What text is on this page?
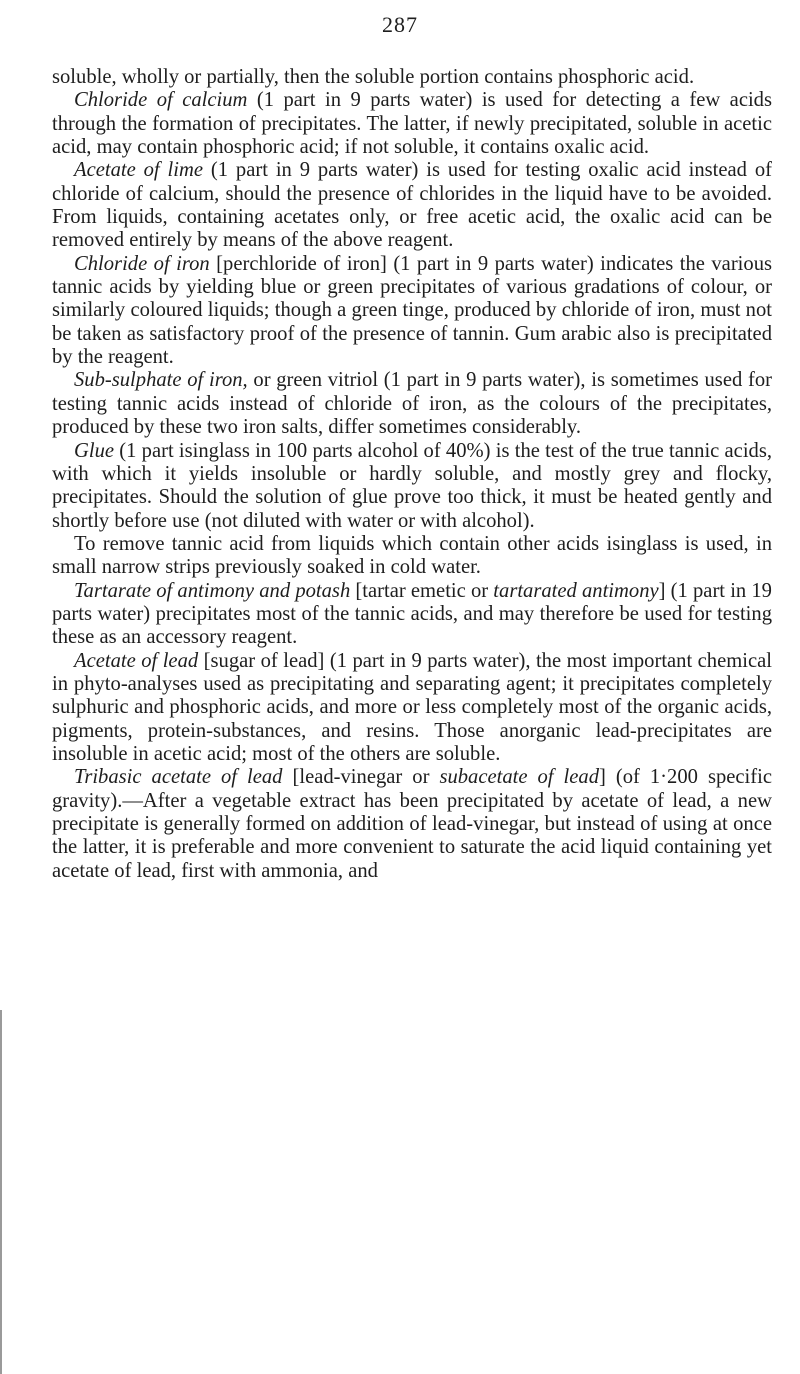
287

soluble, wholly or partially, then the soluble portion contains phosphoric acid.

Chloride of calcium (1 part in 9 parts water) is used for detecting a few acids through the formation of precipitates. The latter, if newly precipitated, soluble in acetic acid, may contain phosphoric acid; if not soluble, it contains oxalic acid.

Acetate of lime (1 part in 9 parts water) is used for testing oxalic acid instead of chloride of calcium, should the presence of chlorides in the liquid have to be avoided. From liquids, containing acetates only, or free acetic acid, the oxalic acid can be removed entirely by means of the above reagent.

Chloride of iron [perchloride of iron] (1 part in 9 parts water) indicates the various tannic acids by yielding blue or green precipitates of various gradations of colour, or similarly coloured liquids; though a green tinge, produced by chloride of iron, must not be taken as satisfactory proof of the presence of tannin. Gum arabic also is precipitated by the reagent.

Sub-sulphate of iron, or green vitriol (1 part in 9 parts water), is sometimes used for testing tannic acids instead of chloride of iron, as the colours of the precipitates, produced by these two iron salts, differ sometimes considerably.

Glue (1 part isinglass in 100 parts alcohol of 40%) is the test of the true tannic acids, with which it yields insoluble or hardly soluble, and mostly grey and flocky, precipitates. Should the solution of glue prove too thick, it must be heated gently and shortly before use (not diluted with water or with alcohol).

To remove tannic acid from liquids which contain other acids isinglass is used, in small narrow strips previously soaked in cold water.

Tartarate of antimony and potash [tartar emetic or tartarated antimony] (1 part in 19 parts water) precipitates most of the tannic acids, and may therefore be used for testing these as an accessory reagent.

Acetate of lead [sugar of lead] (1 part in 9 parts water), the most important chemical in phyto-analyses used as precipitating and separating agent; it precipitates completely sulphuric and phosphoric acids, and more or less completely most of the organic acids, pigments, protein-substances, and resins. Those anorganic lead-precipitates are insoluble in acetic acid; most of the others are soluble.

Tribasic acetate of lead [lead-vinegar or subacetate of lead] (of 1·200 specific gravity).—After a vegetable extract has been precipitated by acetate of lead, a new precipitate is generally formed on addition of lead-vinegar, but instead of using at once the latter, it is preferable and more convenient to saturate the acid liquid containing yet acetate of lead, first with ammonia, and
